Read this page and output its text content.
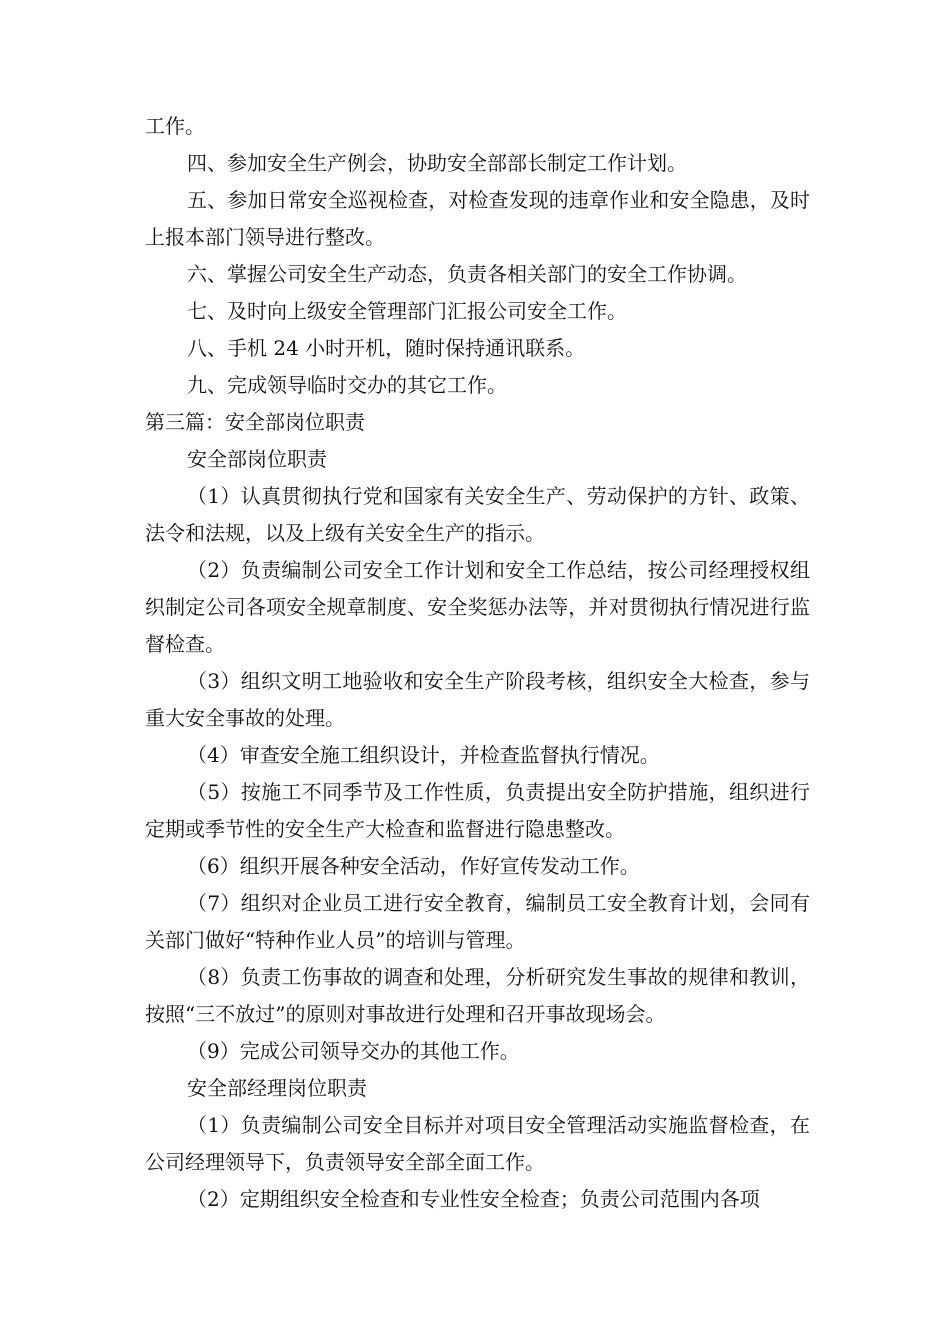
工作。

四、参加安全生产例会，协助安全部部长制定工作计划。

五、参加日常安全巡视检查，对检查发现的违章作业和安全隐患，及时上报本部门领导进行整改。

六、掌握公司安全生产动态，负责各相关部门的安全工作协调。

七、及时向上级安全管理部门汇报公司安全工作。

八、手机 24 小时开机，随时保持通讯联系。

九、完成领导临时交办的其它工作。

第三篇：安全部岗位职责

安全部岗位职责

（1）认真贯彻执行党和国家有关安全生产、劳动保护的方针、政策、法令和法规，以及上级有关安全生产的指示。

（2）负责编制公司安全工作计划和安全工作总结，按公司经理授权组织制定公司各项安全规章制度、安全奖惩办法等，并对贯彻执行情况进行监督检查。

（3）组织文明工地验收和安全生产阶段考核，组织安全大检查，参与重大安全事故的处理。

（4）审查安全施工组织设计，并检查监督执行情况。

（5）按施工不同季节及工作性质，负责提出安全防护措施，组织进行定期或季节性的安全生产大检查和监督进行隐患整改。

（6）组织开展各种安全活动，作好宣传发动工作。

（7）组织对企业员工进行安全教育，编制员工安全教育计划，会同有关部门做好“特种作业人员”的培训与管理。

（8）负责工伤事故的调查和处理，分析研究发生事故的规律和教训，按照“三不放过”的原则对事故进行处理和召开事故现场会。

（9）完成公司领导交办的其他工作。

安全部经理岗位职责

（1）负责编制公司安全目标并对项目安全管理活动实施监督检查，在公司经理领导下，负责领导安全部全面工作。

（2）定期组织安全检查和专业性安全检查；负责公司范围内各项
